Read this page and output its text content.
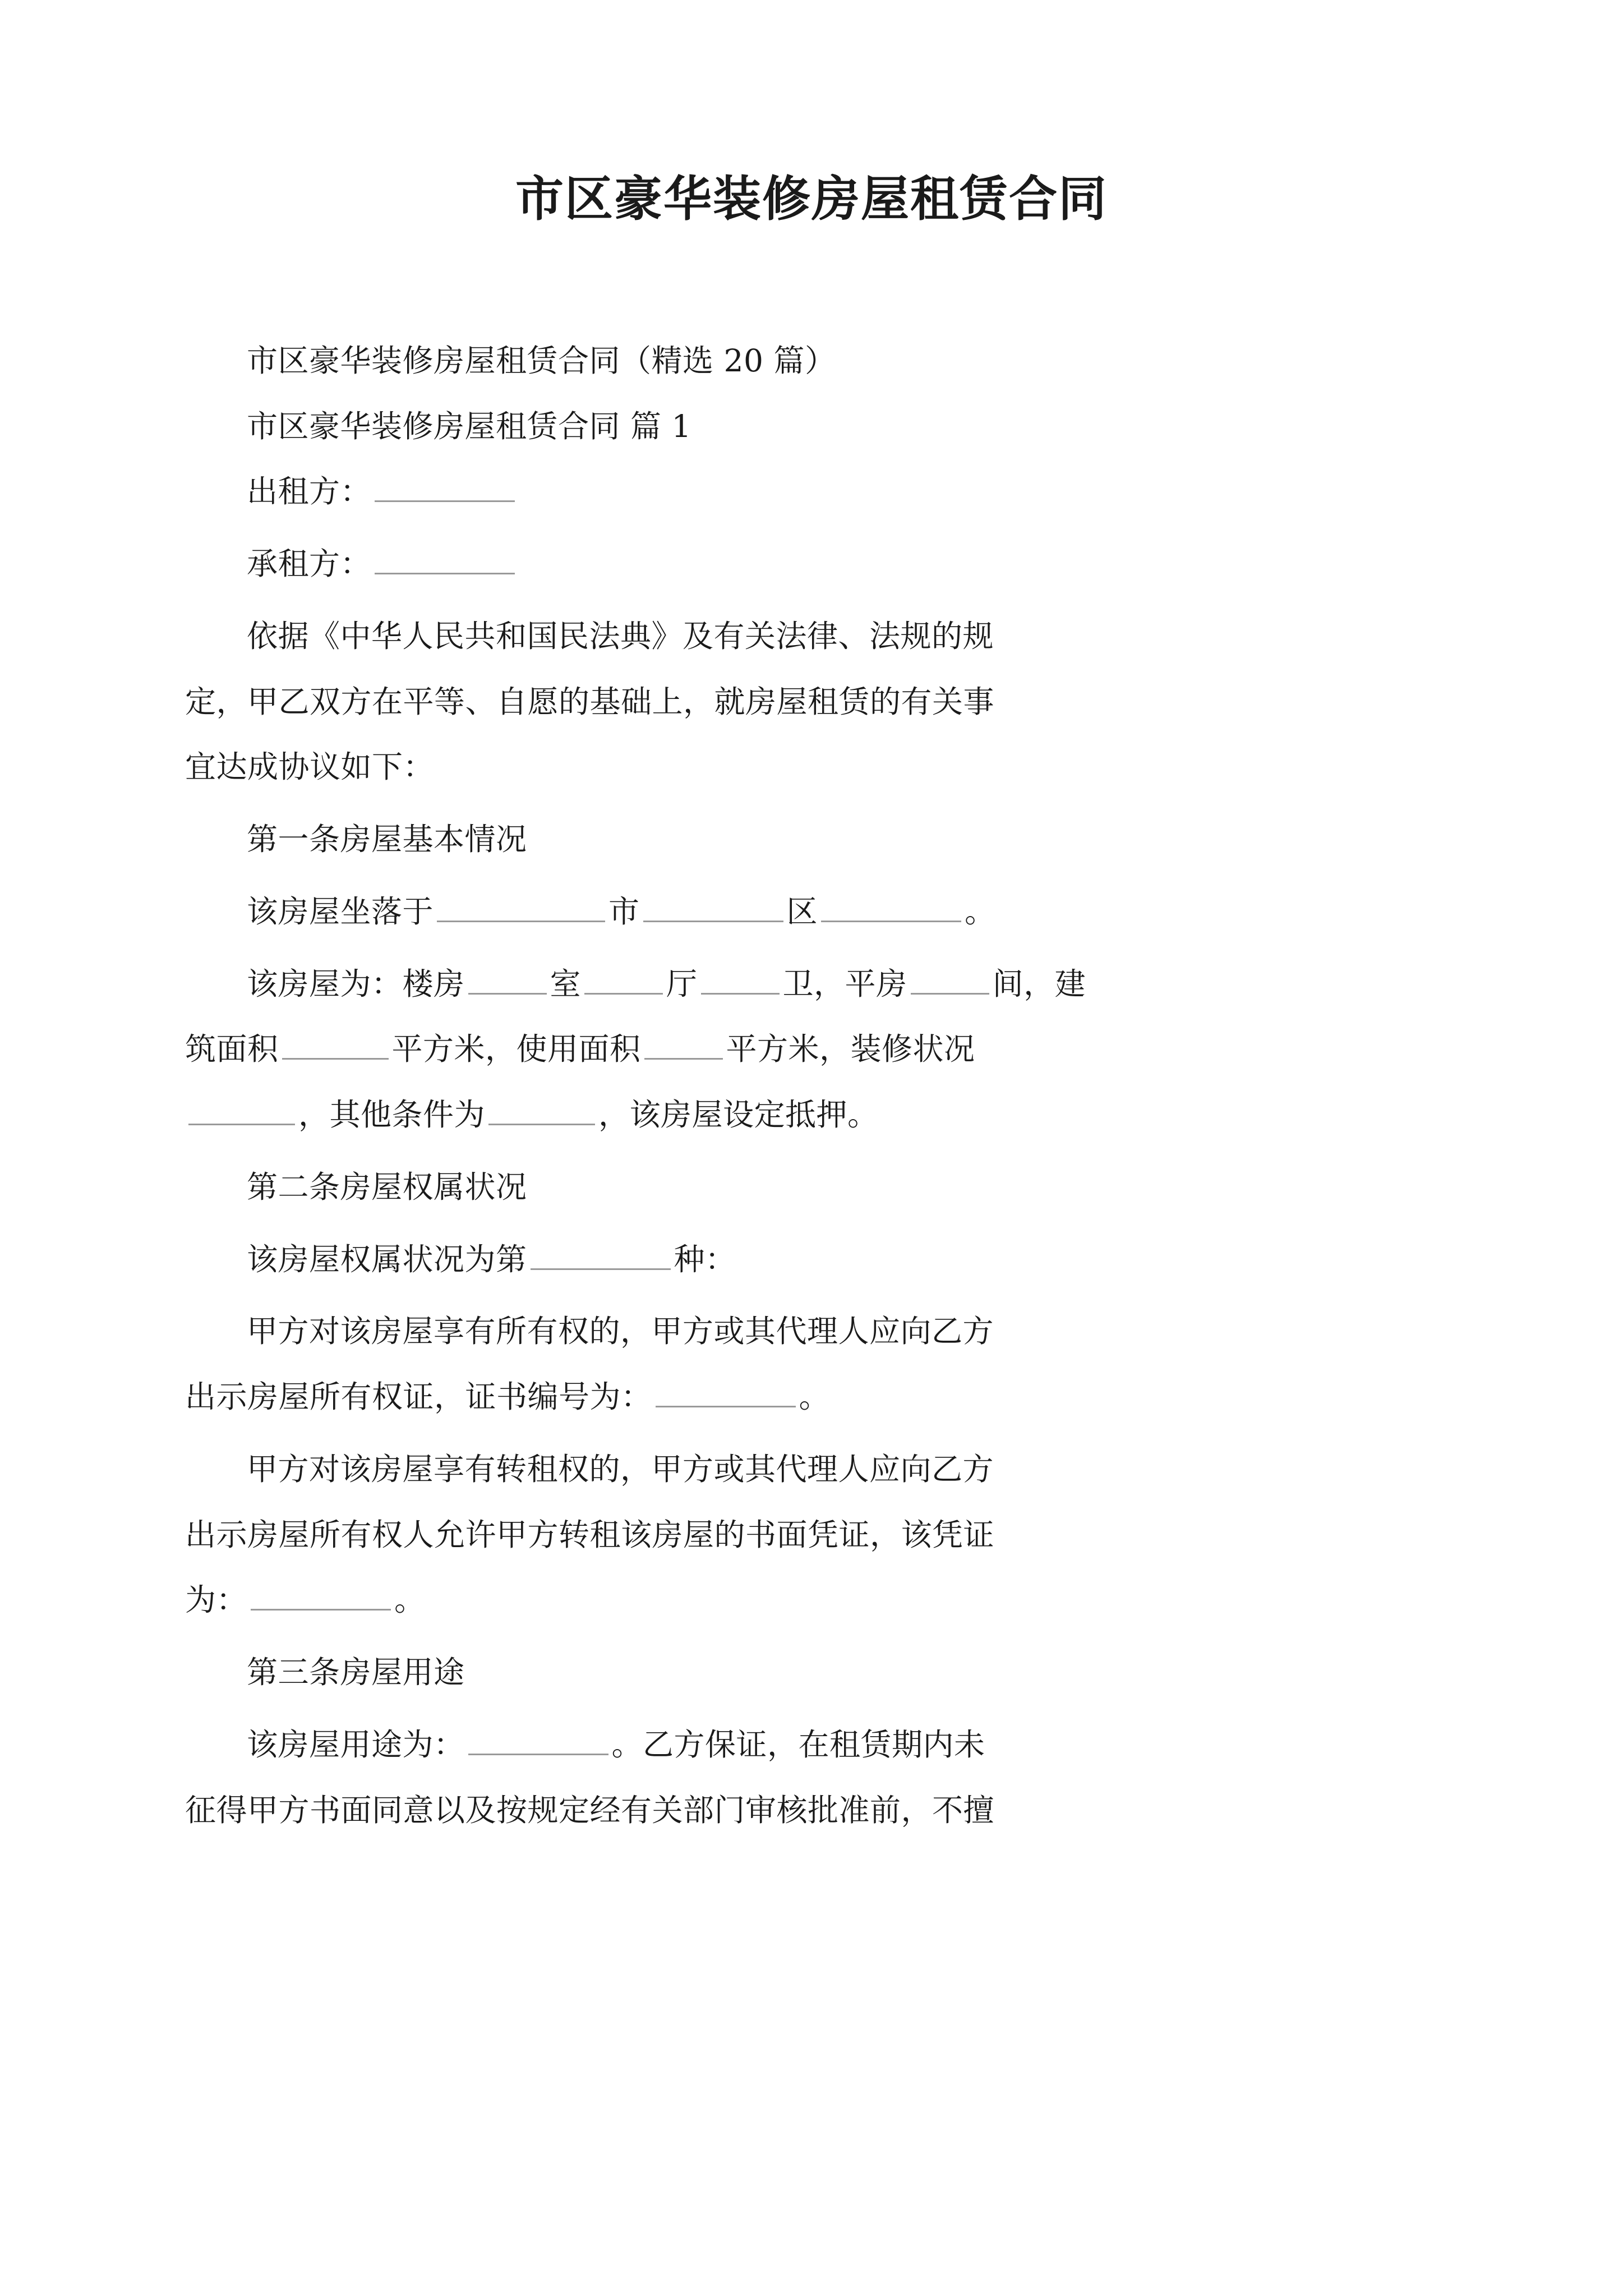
市区豪华装修房屋租赁合同

市区豪华装修房屋租赁合同（精选 20 篇）

市区豪华装修房屋租赁合同 篇 1

出租方：

承租方：

依据《中华人民共和国民法典》及有关法律、法规的规

定，甲乙双方在平等、自愿的基础上，就房屋租赁的有关事

宜达成协议如下：

第一条房屋基本情况

该房屋坐落于	市	区	。

该房屋为：楼房	室	厅	卫，平房	间，建

筑面积	平方米，使用面积	平方米，装修状况

，其他条件为	，该房屋设定抵押。

第二条房屋权属状况

该房屋权属状况为第	种：

甲方对该房屋享有所有权的，甲方或其代理人应向乙方

出示房屋所有权证，证书编号为：	。

甲方对该房屋享有转租权的，甲方或其代理人应向乙方

出示房屋所有权人允许甲方转租该房屋的书面凭证，该凭证

为：	。

第三条房屋用途

该房屋用途为：	。乙方保证，在租赁期内未

征得甲方书面同意以及按规定经有关部门审核批准前，不擅
